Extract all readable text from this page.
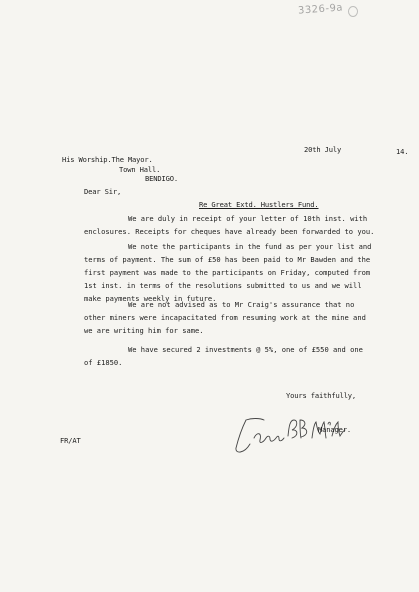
3326-9a
20th July	14.
His Worship.The Mayor.
Town Hall.
BENDIGO.
Dear Sir,
Re Great Extd. Hustlers Fund.
We are duly in receipt of your letter of 10th inst. with
enclosures. Receipts for cheques have already been forwarded to you.
We note the participants in the fund as per your list and
terms of payment. The sum of £50 has been paid to Mr Bawden and the
first payment was made to the participants on Friday, computed from
1st inst. in terms of the resolutions submitted to us and we will
make payments weekly in future.
We are not advised as to Mr Craig's assurance that no
other miners were incapacitated from resuming work at the mine and
we are writing him for same.
We have secured 2 investments @ 5%, one of £550 and one
of £1850.
Yours faithfully,
Manager.
FR/AT
